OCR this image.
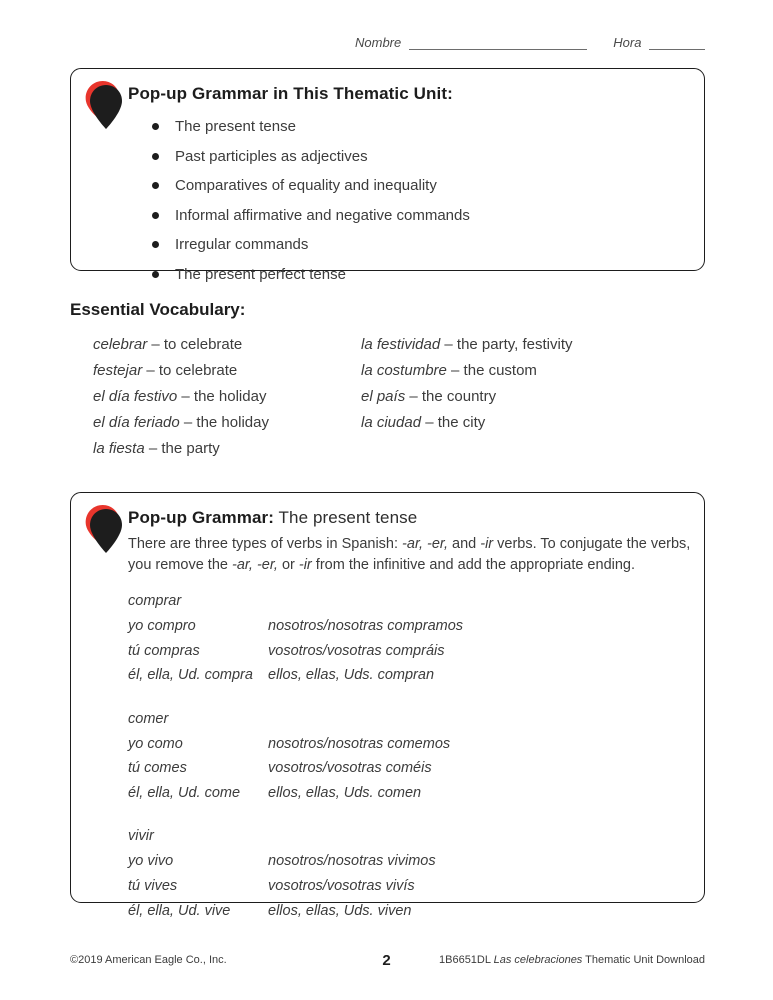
Nombre	Hora
Pop-up Grammar in This Thematic Unit:
The present tense
Past participles as adjectives
Comparatives of equality and inequality
Informal affirmative and negative commands
Irregular commands
The present perfect tense
Essential Vocabulary:
celebrar – to celebrate
festejar – to celebrate
el día festivo – the holiday
el día feriado – the holiday
la fiesta – the party
la festividad – the party, festivity
la costumbre – the custom
el país – the country
la ciudad – the city
Pop-up Grammar: The present tense

There are three types of verbs in Spanish: -ar, -er, and -ir verbs. To conjugate the verbs, you remove the -ar, -er, or -ir from the infinitive and add the appropriate ending.

comprar
yo compro	nosotros/nosotras compramos
tú compras	vosotros/vosotras compráis
él, ella, Ud. compra	ellos, ellas, Uds. compran
comer
yo como	nosotros/nosotras comemos
tú comes	vosotros/vosotras coméis
él, ella, Ud. come	ellos, ellas, Uds. comen
vivir
yo vivo	nosotros/nosotras vivimos
tú vives	vosotros/vosotras vivís
él, ella, Ud. vive	ellos, ellas, Uds. viven
©2019 American Eagle Co., Inc.	2	1B6651DL Las celebraciones Thematic Unit Download
